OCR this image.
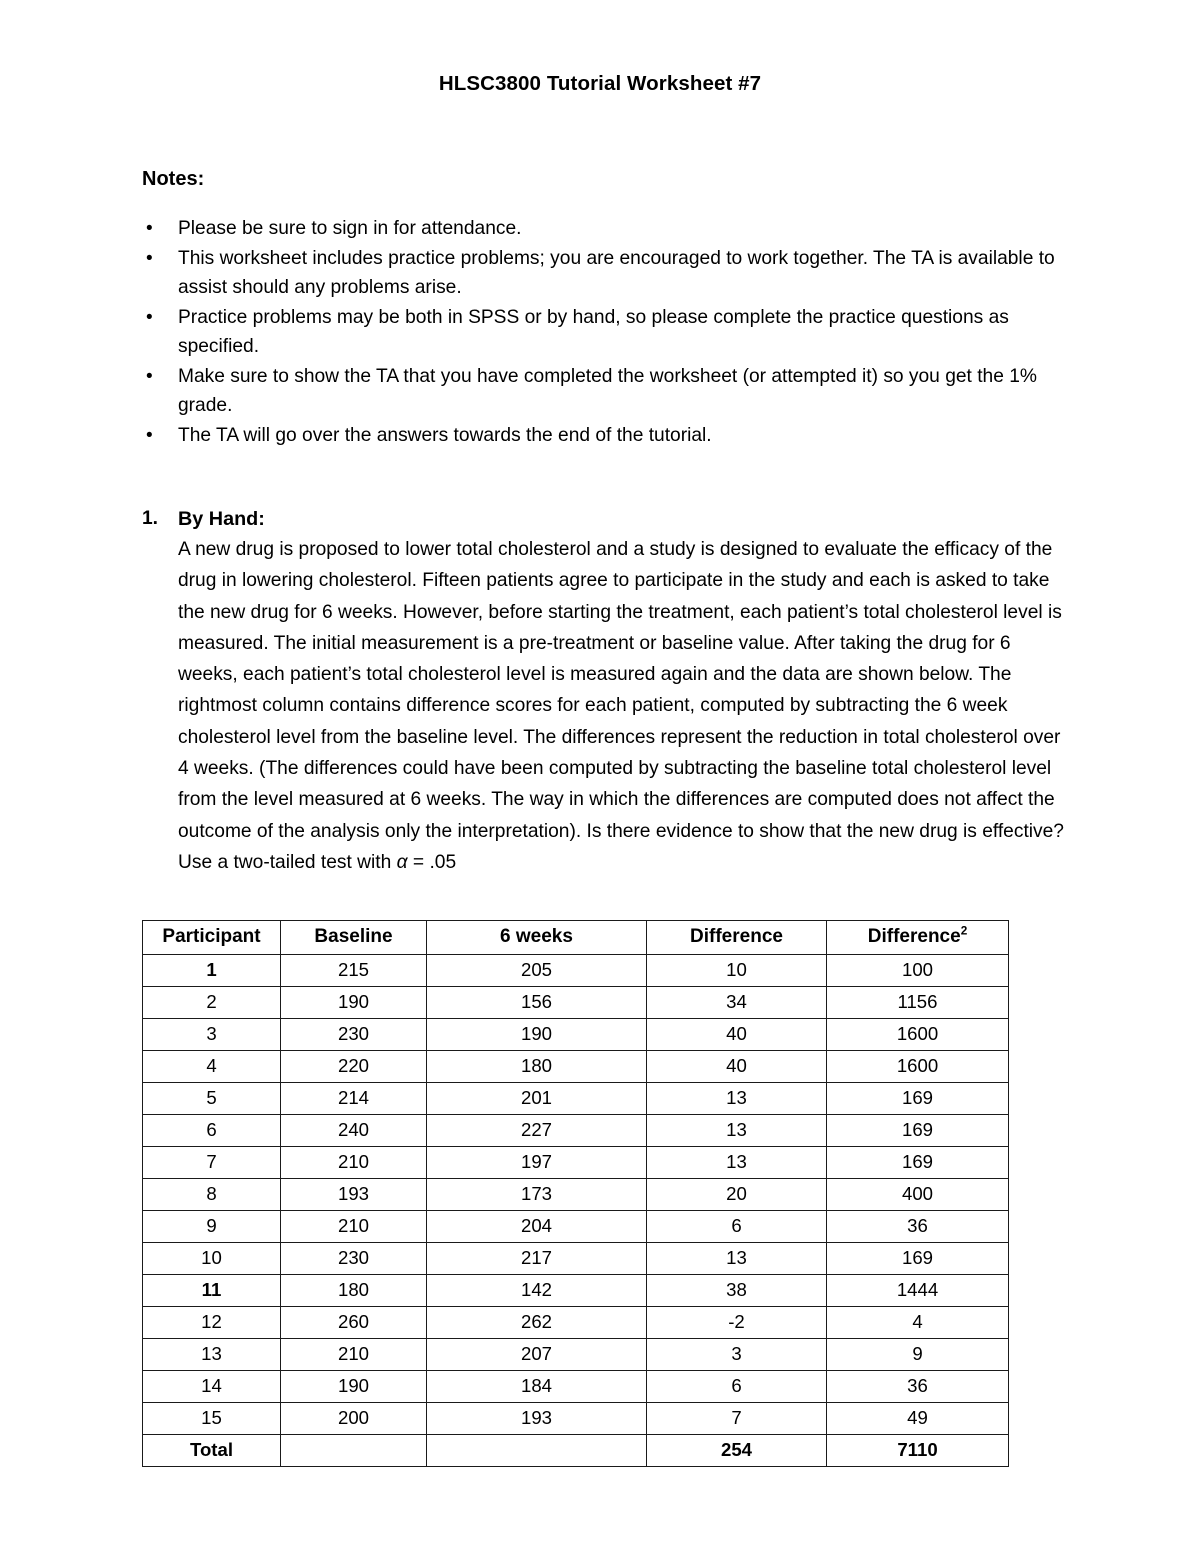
HLSC3800 Tutorial Worksheet #7
Notes:
• Please be sure to sign in for attendance.
• This worksheet includes practice problems; you are encouraged to work together. The TA is available to assist should any problems arise.
• Practice problems may be both in SPSS or by hand, so please complete the practice questions as specified.
• Make sure to show the TA that you have completed the worksheet (or attempted it) so you get the 1% grade.
• The TA will go over the answers towards the end of the tutorial.
1. By Hand:

A new drug is proposed to lower total cholesterol and a study is designed to evaluate the efficacy of the drug in lowering cholesterol. Fifteen patients agree to participate in the study and each is asked to take the new drug for 6 weeks. However, before starting the treatment, each patient’s total cholesterol level is measured. The initial measurement is a pre-treatment or baseline value. After taking the drug for 6 weeks, each patient’s total cholesterol level is measured again and the data are shown below. The rightmost column contains difference scores for each patient, computed by subtracting the 6 week cholesterol level from the baseline level. The differences represent the reduction in total cholesterol over 4 weeks. (The differences could have been computed by subtracting the baseline total cholesterol level from the level measured at 6 weeks. The way in which the differences are computed does not affect the outcome of the analysis only the interpretation). Is there evidence to show that the new drug is effective? Use a two-tailed test with α = .05

Participant	Baseline	6 weeks	Difference	Difference$^2$
1	215	205	10	100
2	190	156	34	1156
3	230	190	40	1600
4	220	180	40	1600
5	214	201	13	169
6	240	227	13	169
7	210	197	13	169
8	193	173	20	400
9	210	204	6	36
10	230	217	13	169
11	180	142	38	1444
12	260	262	-2	4
13	210	207	3	9
14	190	184	6	36
15	200	193	7	49
Total			254	7110
